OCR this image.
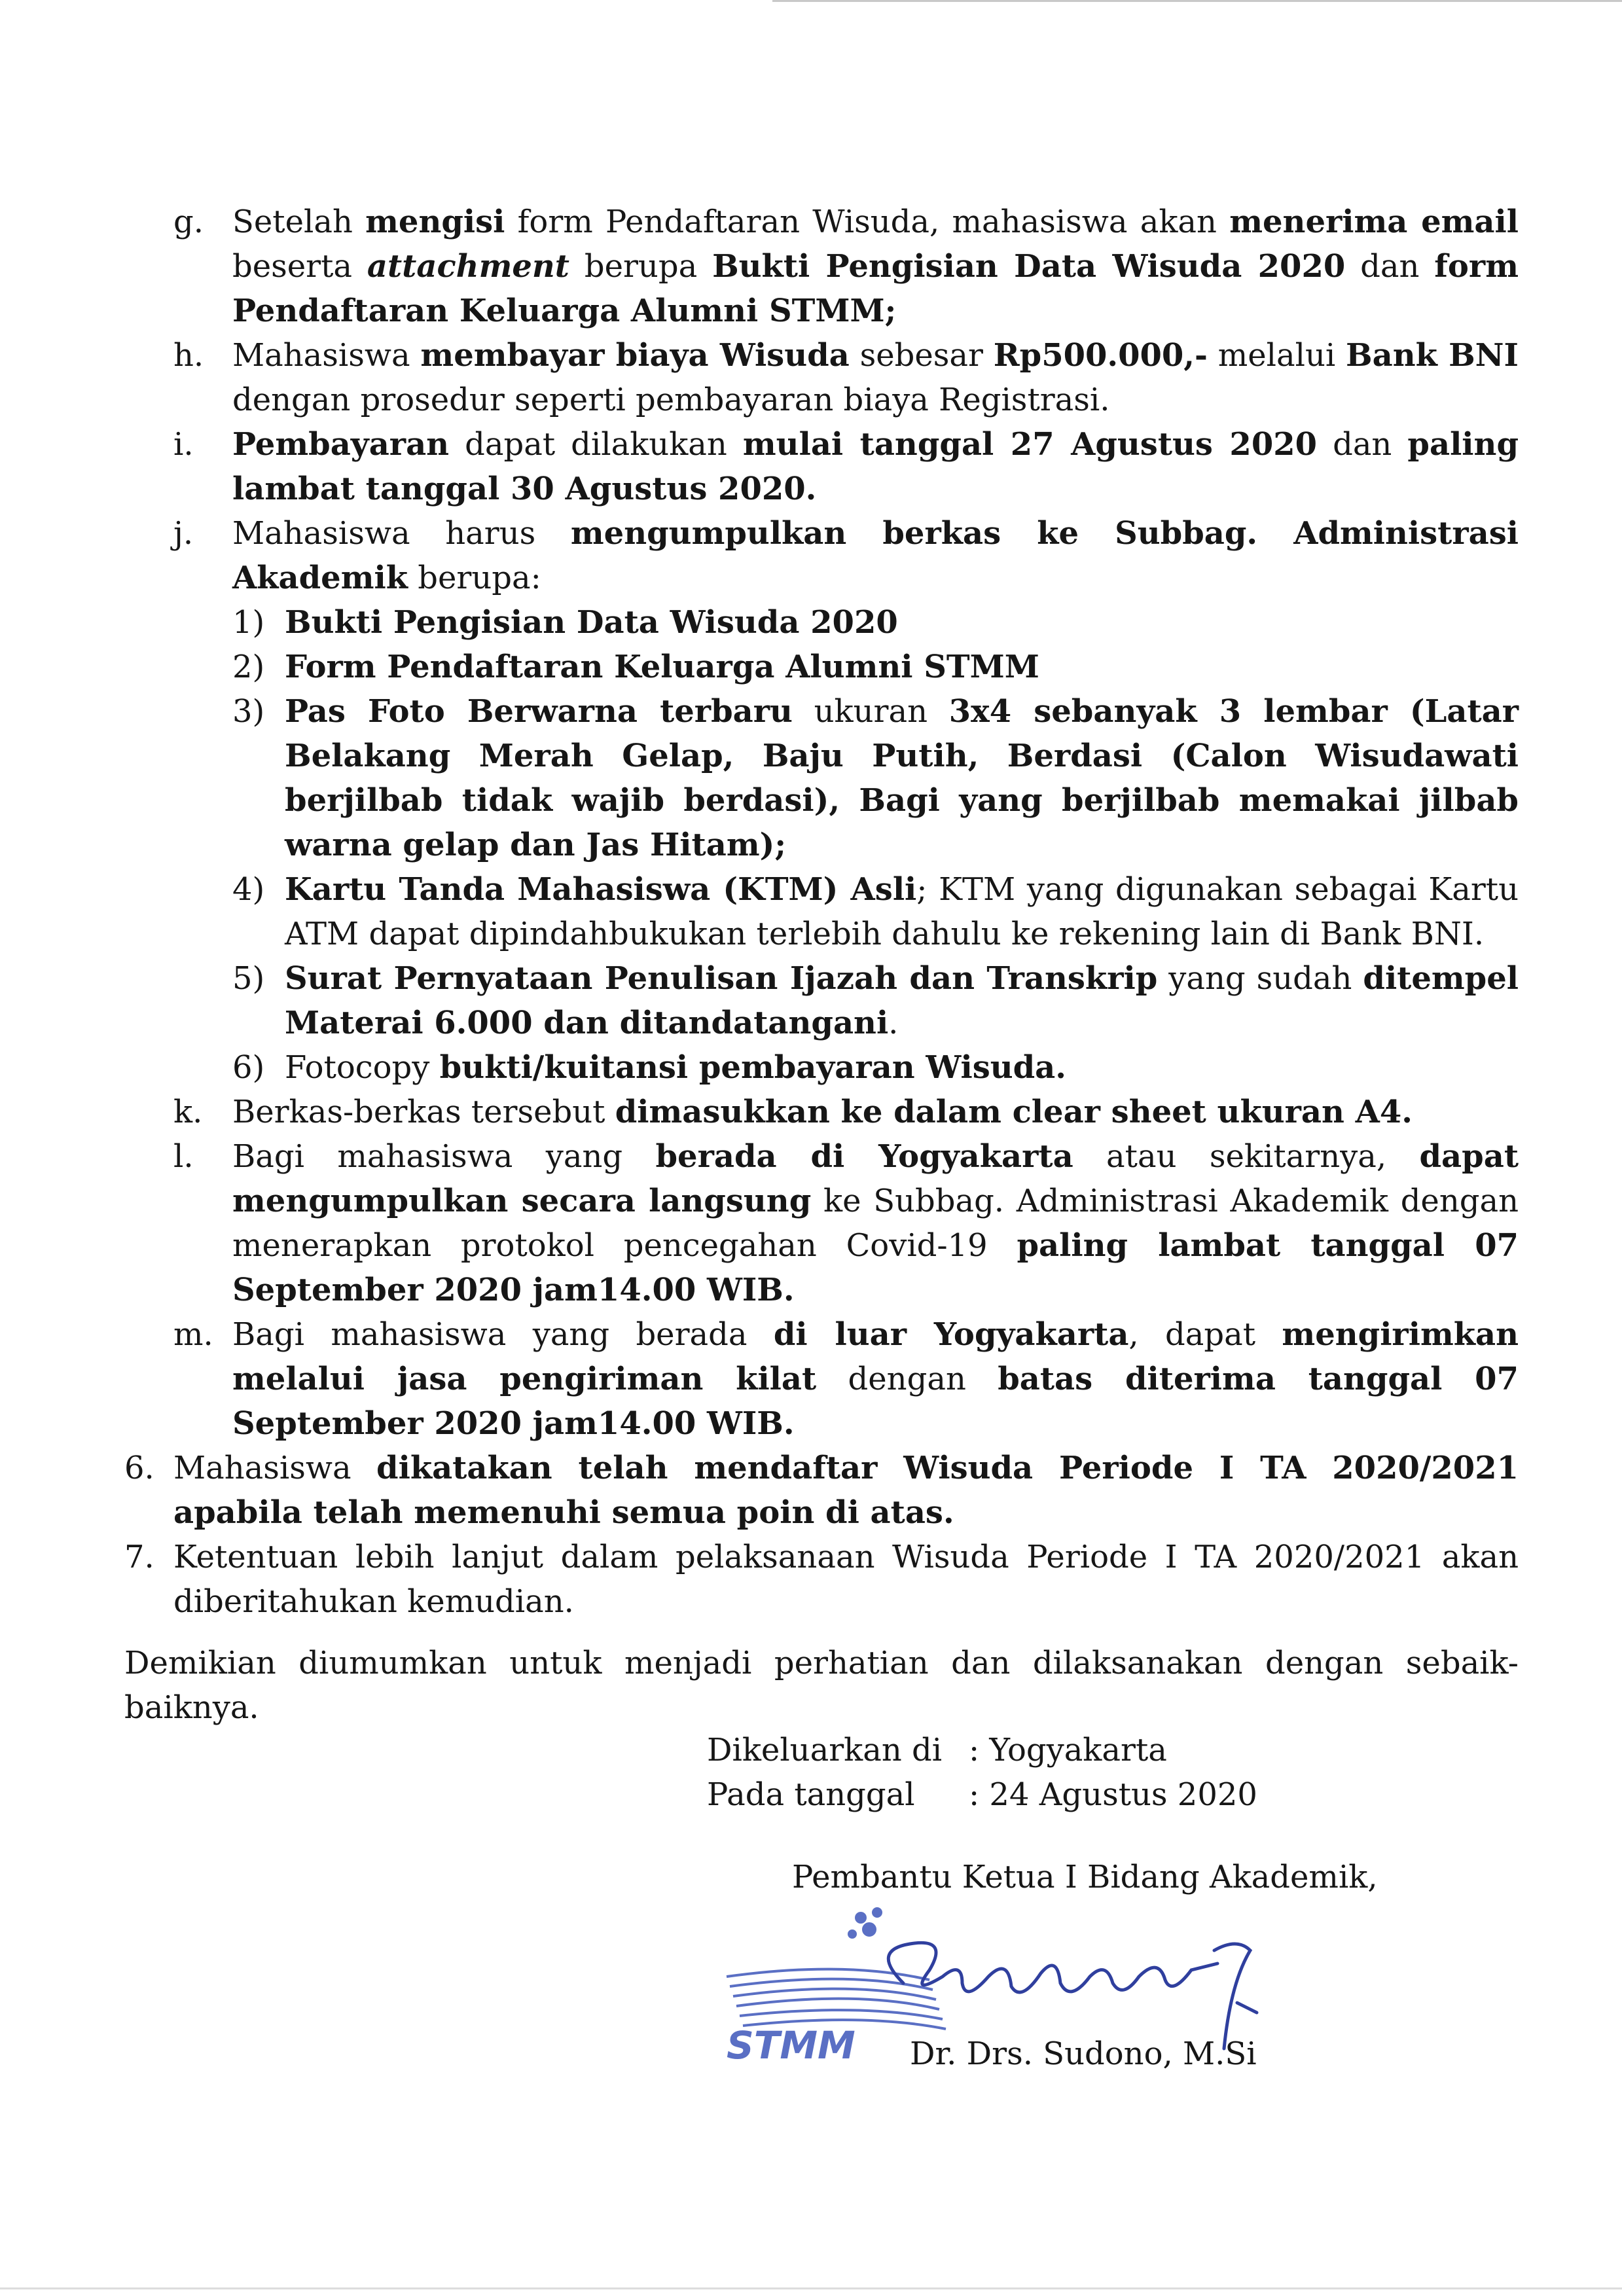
g. Setelah mengisi form Pendaftaran Wisuda, mahasiswa akan menerima email beserta attachment berupa Bukti Pengisian Data Wisuda 2020 dan form Pendaftaran Keluarga Alumni STMM;
h. Mahasiswa membayar biaya Wisuda sebesar Rp500.000,- melalui Bank BNI dengan prosedur seperti pembayaran biaya Registrasi.
i. Pembayaran dapat dilakukan mulai tanggal 27 Agustus 2020 dan paling lambat tanggal 30 Agustus 2020.
j. Mahasiswa harus mengumpulkan berkas ke Subbag. Administrasi Akademik berupa:
1) Bukti Pengisian Data Wisuda 2020
2) Form Pendaftaran Keluarga Alumni STMM
3) Pas Foto Berwarna terbaru ukuran 3x4 sebanyak 3 lembar (Latar Belakang Merah Gelap, Baju Putih, Berdasi (Calon Wisudawati berjilbab tidak wajib berdasi), Bagi yang berjilbab memakai jilbab warna gelap dan Jas Hitam);
4) Kartu Tanda Mahasiswa (KTM) Asli; KTM yang digunakan sebagai Kartu ATM dapat dipindahbukukan terlebih dahulu ke rekening lain di Bank BNI.
5) Surat Pernyataan Penulisan Ijazah dan Transkrip yang sudah ditempel Materai 6.000 dan ditandatangani.
6) Fotocopy bukti/kuitansi pembayaran Wisuda.
k. Berkas-berkas tersebut dimasukkan ke dalam clear sheet ukuran A4.
l. Bagi mahasiswa yang berada di Yogyakarta atau sekitarnya, dapat mengumpulkan secara langsung ke Subbag. Administrasi Akademik dengan menerapkan protokol pencegahan Covid-19 paling lambat tanggal 07 September 2020 jam14.00 WIB.
m. Bagi mahasiswa yang berada di luar Yogyakarta, dapat mengirimkan melalui jasa pengiriman kilat dengan batas diterima tanggal 07 September 2020 jam14.00 WIB.
6. Mahasiswa dikatakan telah mendaftar Wisuda Periode I TA 2020/2021 apabila telah memenuhi semua poin di atas.
7. Ketentuan lebih lanjut dalam pelaksanaan Wisuda Periode I TA 2020/2021 akan diberitahukan kemudian.
Demikian diumumkan untuk menjadi perhatian dan dilaksanakan dengan sebaik-baiknya.
Dikeluarkan di : Yogyakarta
Pada tanggal	: 24 Agustus 2020
Pembantu Ketua I Bidang Akademik,
STMM Dr. Drs. Sudono, M.Si
